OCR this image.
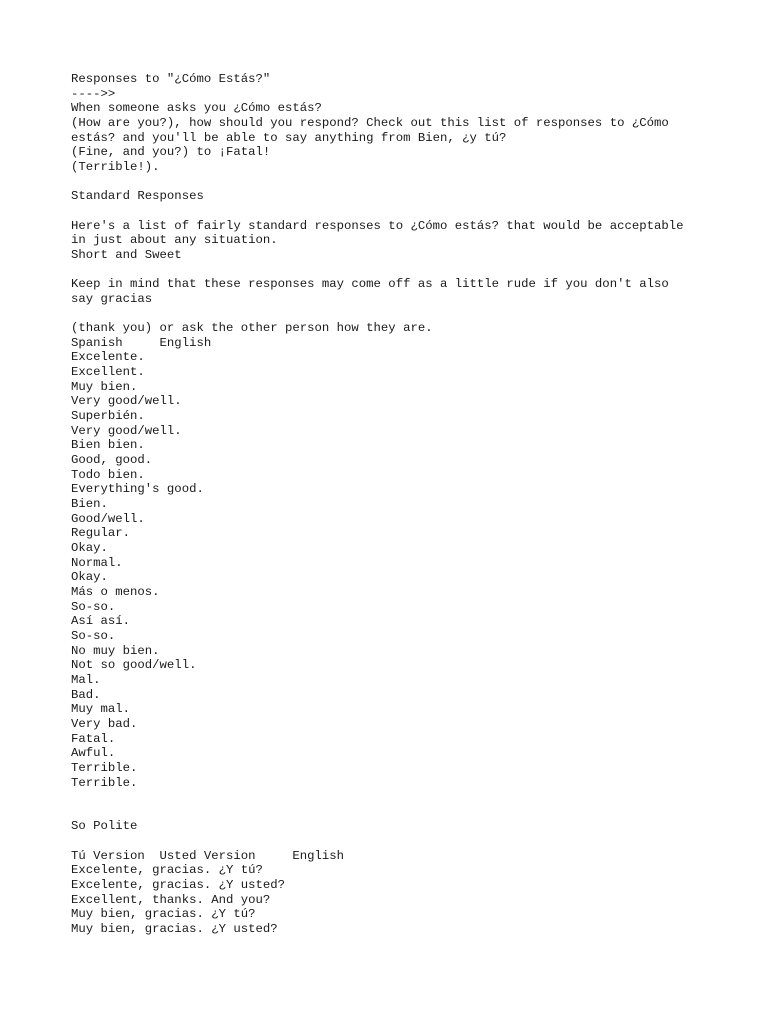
Responses to "¿Cómo Estás?"
---->>
When someone asks you ¿Cómo estás?
(How are you?), how should you respond? Check out this list of responses to ¿Cómo
estás? and you'll be able to say anything from Bien, ¿y tú?
(Fine, and you?) to ¡Fatal!
(Terrible!).
Standard Responses
Here's a list of fairly standard responses to ¿Cómo estás? that would be acceptable
in just about any situation.
Short and Sweet
Keep in mind that these responses may come off as a little rude if you don't also
say gracias
(thank you) or ask the other person how they are.
Spanish     English
Excelente.
Excellent.
Muy bien.
Very good/well.
Superbién.
Very good/well.
Bien bien.
Good, good.
Todo bien.
Everything's good.
Bien.
Good/well.
Regular.
Okay.
Normal.
Okay.
Más o menos.
So-so.
Así así.
So-so.
No muy bien.
Not so good/well.
Mal.
Bad.
Muy mal.
Very bad.
Fatal.
Awful.
Terrible.
Terrible.
So Polite
Tú Version  Usted Version     English
Excelente, gracias. ¿Y tú?
Excelente, gracias. ¿Y usted?
Excellent, thanks. And you?
Muy bien, gracias. ¿Y tú?
Muy bien, gracias. ¿Y usted?
